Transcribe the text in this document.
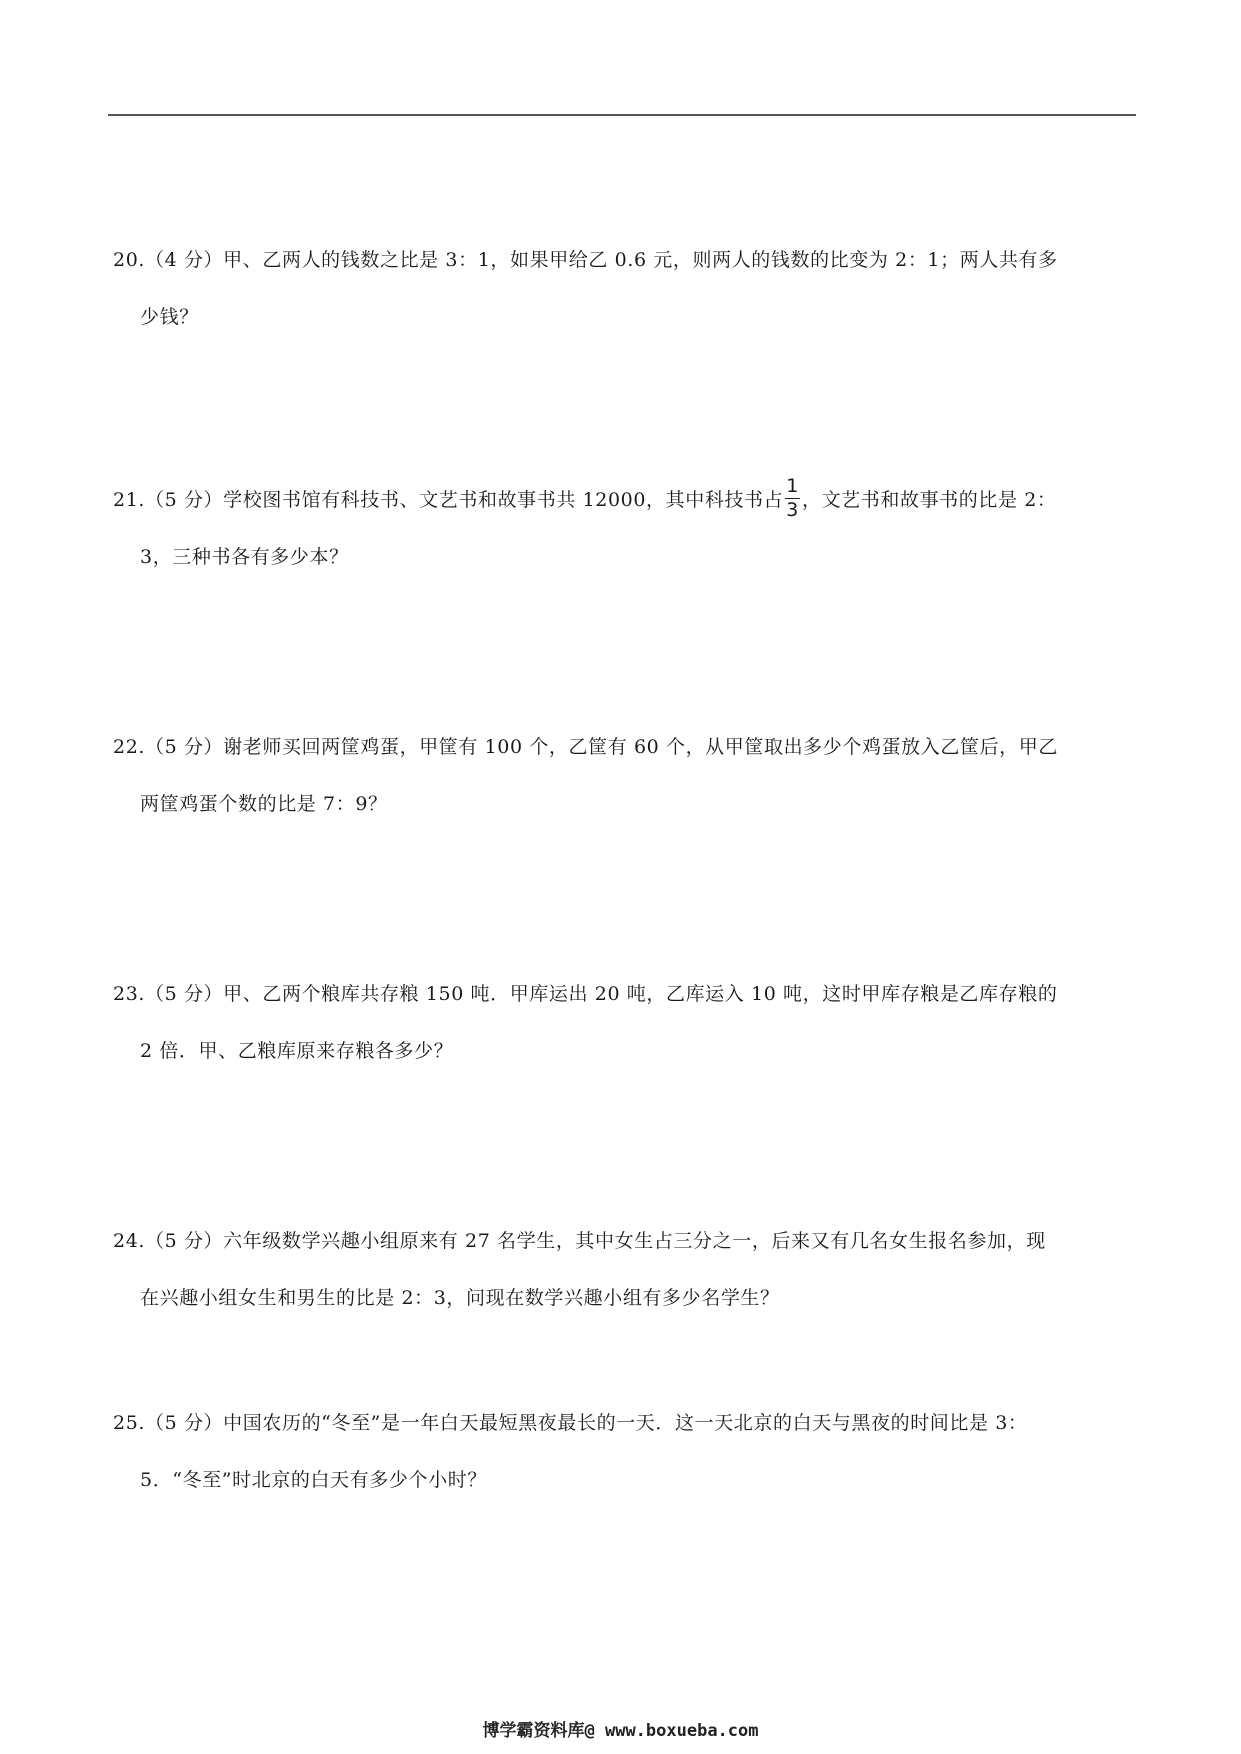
20.（4 分）甲、乙两人的钱数之比是 3：1，如果甲给乙 0.6 元，则两人的钱数的比变为 2：1；两人共有多
少钱？
21.（5 分）学校图书馆有科技书、文艺书和故事书共 12000，其中科技书占 $\frac{1}{3}$ ，文艺书和故事书的比是 2：
3，三种书各有多少本？
22.（5 分）谢老师买回两筐鸡蛋，甲筐有 100 个，乙筐有 60 个，从甲筐取出多少个鸡蛋放入乙筐后，甲乙
两筐鸡蛋个数的比是 7：9？
23.（5 分）甲、乙两个粮库共存粮 150 吨．甲库运出 20 吨，乙库运入 10 吨，这时甲库存粮是乙库存粮的
2 倍．甲、乙粮库原来存粮各多少？
24.（5 分）六年级数学兴趣小组原来有 27 名学生，其中女生占三分之一，后来又有几名女生报名参加，现
在兴趣小组女生和男生的比是 2：3，问现在数学兴趣小组有多少名学生？
25.（5 分）中国农历的“冬至”是一年白天最短黑夜最长的一天．这一天北京的白天与黑夜的时间比是 3：
5．“冬至”时北京的白天有多少个小时？
博学霸资料库@ www.boxueba.com
